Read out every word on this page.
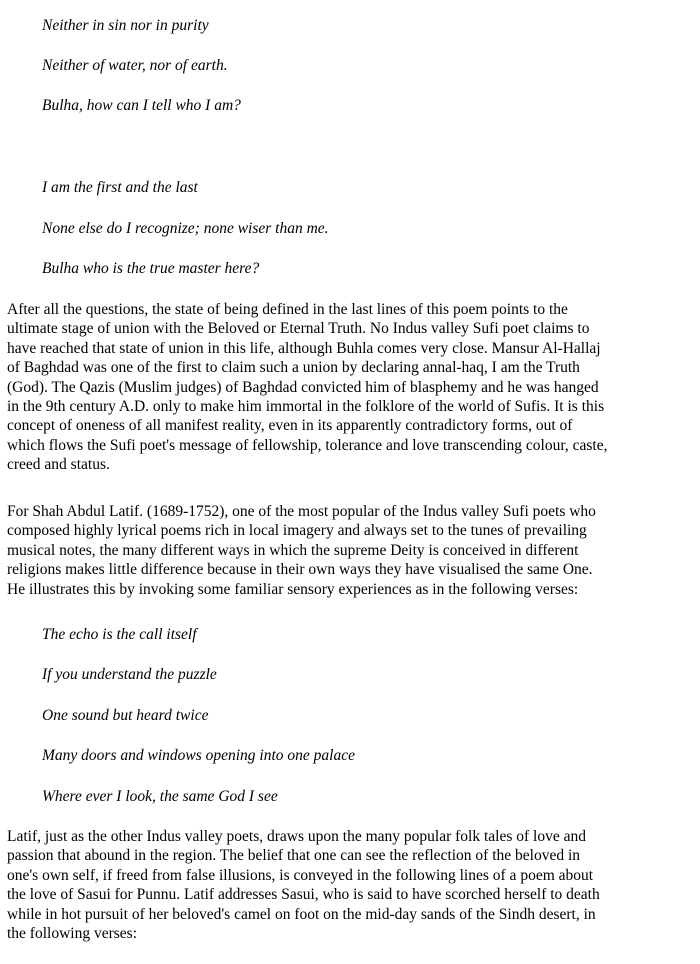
Neither in sin nor in purity
Neither of water, nor of earth.
Bulha, how can I tell who I am?
I am the first and the last
None else do I recognize; none wiser than me.
Bulha who is the true master here?
After all the questions, the state of being defined in the last lines of this poem points to the
ultimate stage of union with the Beloved or Eternal Truth. No Indus valley Sufi poet claims to
have reached that state of union in this life, although Buhla comes very close. Mansur Al-Hallaj
of Baghdad was one of the first to claim such a union by declaring annal-haq, I am the Truth
(God). The Qazis (Muslim judges) of Baghdad convicted him of blasphemy and he was hanged
in the 9th century A.D. only to make him immortal in the folklore of the world of Sufis. It is this
concept of oneness of all manifest reality, even in its apparently contradictory forms, out of
which flows the Sufi poet's message of fellowship, tolerance and love transcending colour, caste,
creed and status.
For Shah Abdul Latif. (1689-1752), one of the most popular of the Indus valley Sufi poets who
composed highly lyrical poems rich in local imagery and always set to the tunes of prevailing
musical notes, the many different ways in which the supreme Deity is conceived in different
religions makes little difference because in their own ways they have visualised the same One.
He illustrates this by invoking some familiar sensory experiences as in the following verses:
The echo is the call itself
If you understand the puzzle
One sound but heard twice
Many doors and windows opening into one palace
Where ever I look, the same God I see
Latif, just as the other Indus valley poets, draws upon the many popular folk tales of love and
passion that abound in the region. The belief that one can see the reflection of the beloved in
one's own self, if freed from false illusions, is conveyed in the following lines of a poem about
the love of Sasui for Punnu. Latif addresses Sasui, who is said to have scorched herself to death
while in hot pursuit of her beloved's camel on foot on the mid-day sands of the Sindh desert, in
the following verses:
